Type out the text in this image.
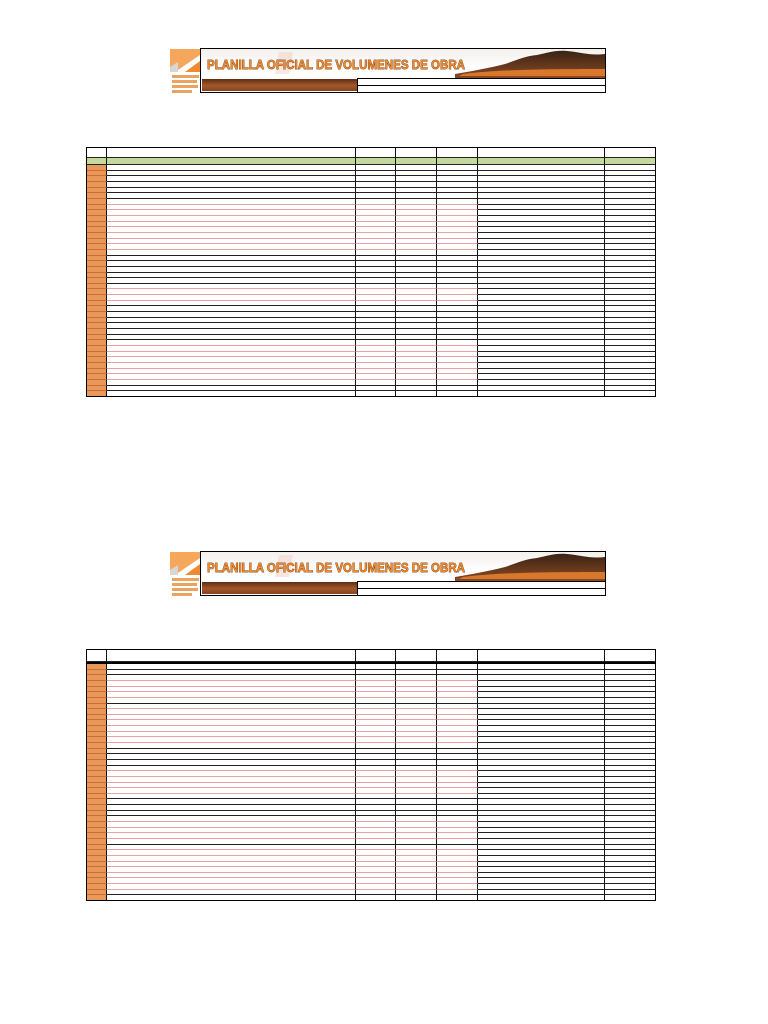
PLANILLA OFICIAL DE VOLUMENES DE OBRA
PLANILLA OFICIAL DE VOLUMENES DE OBRA
